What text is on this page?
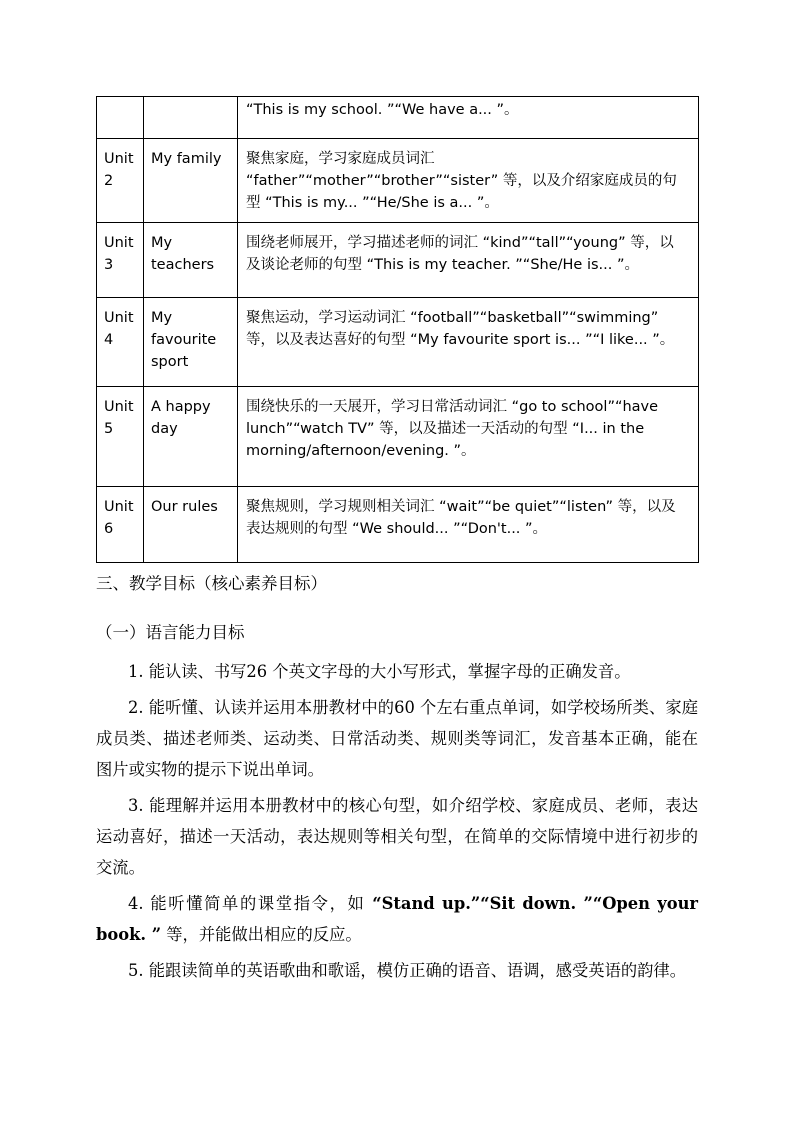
		“This is my school. ”“We have a... ”。
Unit 2	My family	聚焦家庭，学习家庭成员词汇 “father”“mother”“brother”“sister” 等，以及介绍家庭成员的句型 “This is my... ”“He/She is a... ”。
Unit 3	My teachers	围绕老师展开，学习描述老师的词汇 “kind”“tall”“young” 等，以及谈论老师的句型 “This is my teacher. ”“She/He is... ”。
Unit 4	My favourite sport	聚焦运动，学习运动词汇 “football”“basketball”“swimming” 等，以及表达喜好的句型 “My favourite sport is... ”“I like... ”。
Unit 5	A happy day	围绕快乐的一天展开，学习日常活动词汇 “go to school”“have lunch”“watch TV” 等，以及描述一天活动的句型 “I... in the morning/afternoon/evening. ”。
Unit 6	Our rules	聚焦规则，学习规则相关词汇 “wait”“be quiet”“listen” 等，以及表达规则的句型 “We should... ”“Don't... ”。
三、教学目标（核心素养目标）
（一）语言能力目标

1. 能认读、书写26 个英文字母的大小写形式，掌握字母的正确发音。

2. 能听懂、认读并运用本册教材中的60 个左右重点单词，如学校场所类、家庭成员类、描述老师类、运动类、日常活动类、规则类等词汇，发音基本正确，能在图片或实物的提示下说出单词。

3. 能理解并运用本册教材中的核心句型，如介绍学校、家庭成员、老师，表达运动喜好，描述一天活动，表达规则等相关句型，在简单的交际情境中进行初步的交流。

4. 能听懂简单的课堂指令，如 “Stand up.”“Sit down. ”“Open your book. ” 等，并能做出相应的反应。

5. 能跟读简单的英语歌曲和歌谣，模仿正确的语音、语调，感受英语的韵律。
